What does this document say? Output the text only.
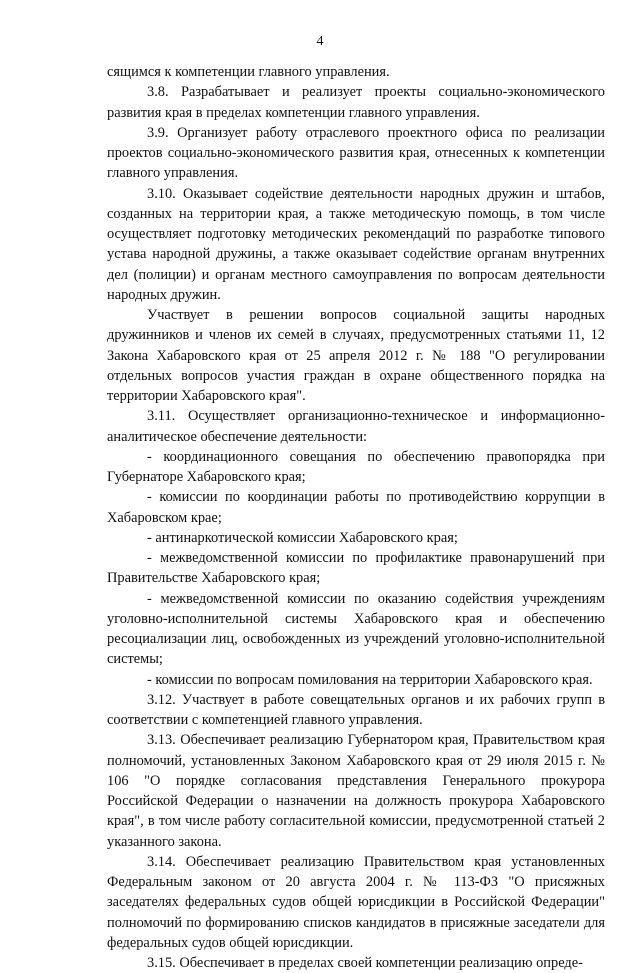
4

сящимся к компетенции главного управления.

3.8. Разрабатывает и реализует проекты социально-экономического развития края в пределах компетенции главного управления.

3.9. Организует работу отраслевого проектного офиса по реализации проектов социально-экономического развития края, отнесенных к компетенции главного управления.

3.10. Оказывает содействие деятельности народных дружин и штабов, созданных на территории края, а также методическую помощь, в том числе осуществляет подготовку методических рекомендаций по разработке типового устава народной дружины, а также оказывает содействие органам внутренних дел (полиции) и органам местного самоуправления по вопросам деятельности народных дружин.

Участвует в решении вопросов социальной защиты народных дружинников и членов их семей в случаях, предусмотренных статьями 11, 12 Закона Хабаровского края от 25 апреля 2012 г. № 188 "О регулировании отдельных вопросов участия граждан в охране общественного порядка на территории Хабаровского края".

3.11. Осуществляет организационно-техническое и информационно-аналитическое обеспечение деятельности:

- координационного совещания по обеспечению правопорядка при Губернаторе Хабаровского края;

- комиссии по координации работы по противодействию коррупции в Хабаровском крае;

- антинаркотической комиссии Хабаровского края;

- межведомственной комиссии по профилактике правонарушений при Правительстве Хабаровского края;

- межведомственной комиссии по оказанию содействия учреждениям уголовно-исполнительной системы Хабаровского края и обеспечению ресоциализации лиц, освобожденных из учреждений уголовно-исполнительной системы;

- комиссии по вопросам помилования на территории Хабаровского края.

3.12. Участвует в работе совещательных органов и их рабочих групп в соответствии с компетенцией главного управления.

3.13. Обеспечивает реализацию Губернатором края, Правительством края полномочий, установленных Законом Хабаровского края от 29 июля 2015 г. № 106 "О порядке согласования представления Генерального прокурора Российской Федерации о назначении на должность прокурора Хабаровского края", в том числе работу согласительной комиссии, предусмотренной статьей 2 указанного закона.

3.14. Обеспечивает реализацию Правительством края установленных Федеральным законом от 20 августа 2004 г. № 113-ФЗ "О присяжных заседателях федеральных судов общей юрисдикции в Российской Федерации" полномочий по формированию списков кандидатов в присяжные заседатели для федеральных судов общей юрисдикции.

3.15. Обеспечивает в пределах своей компетенции реализацию опреде-
